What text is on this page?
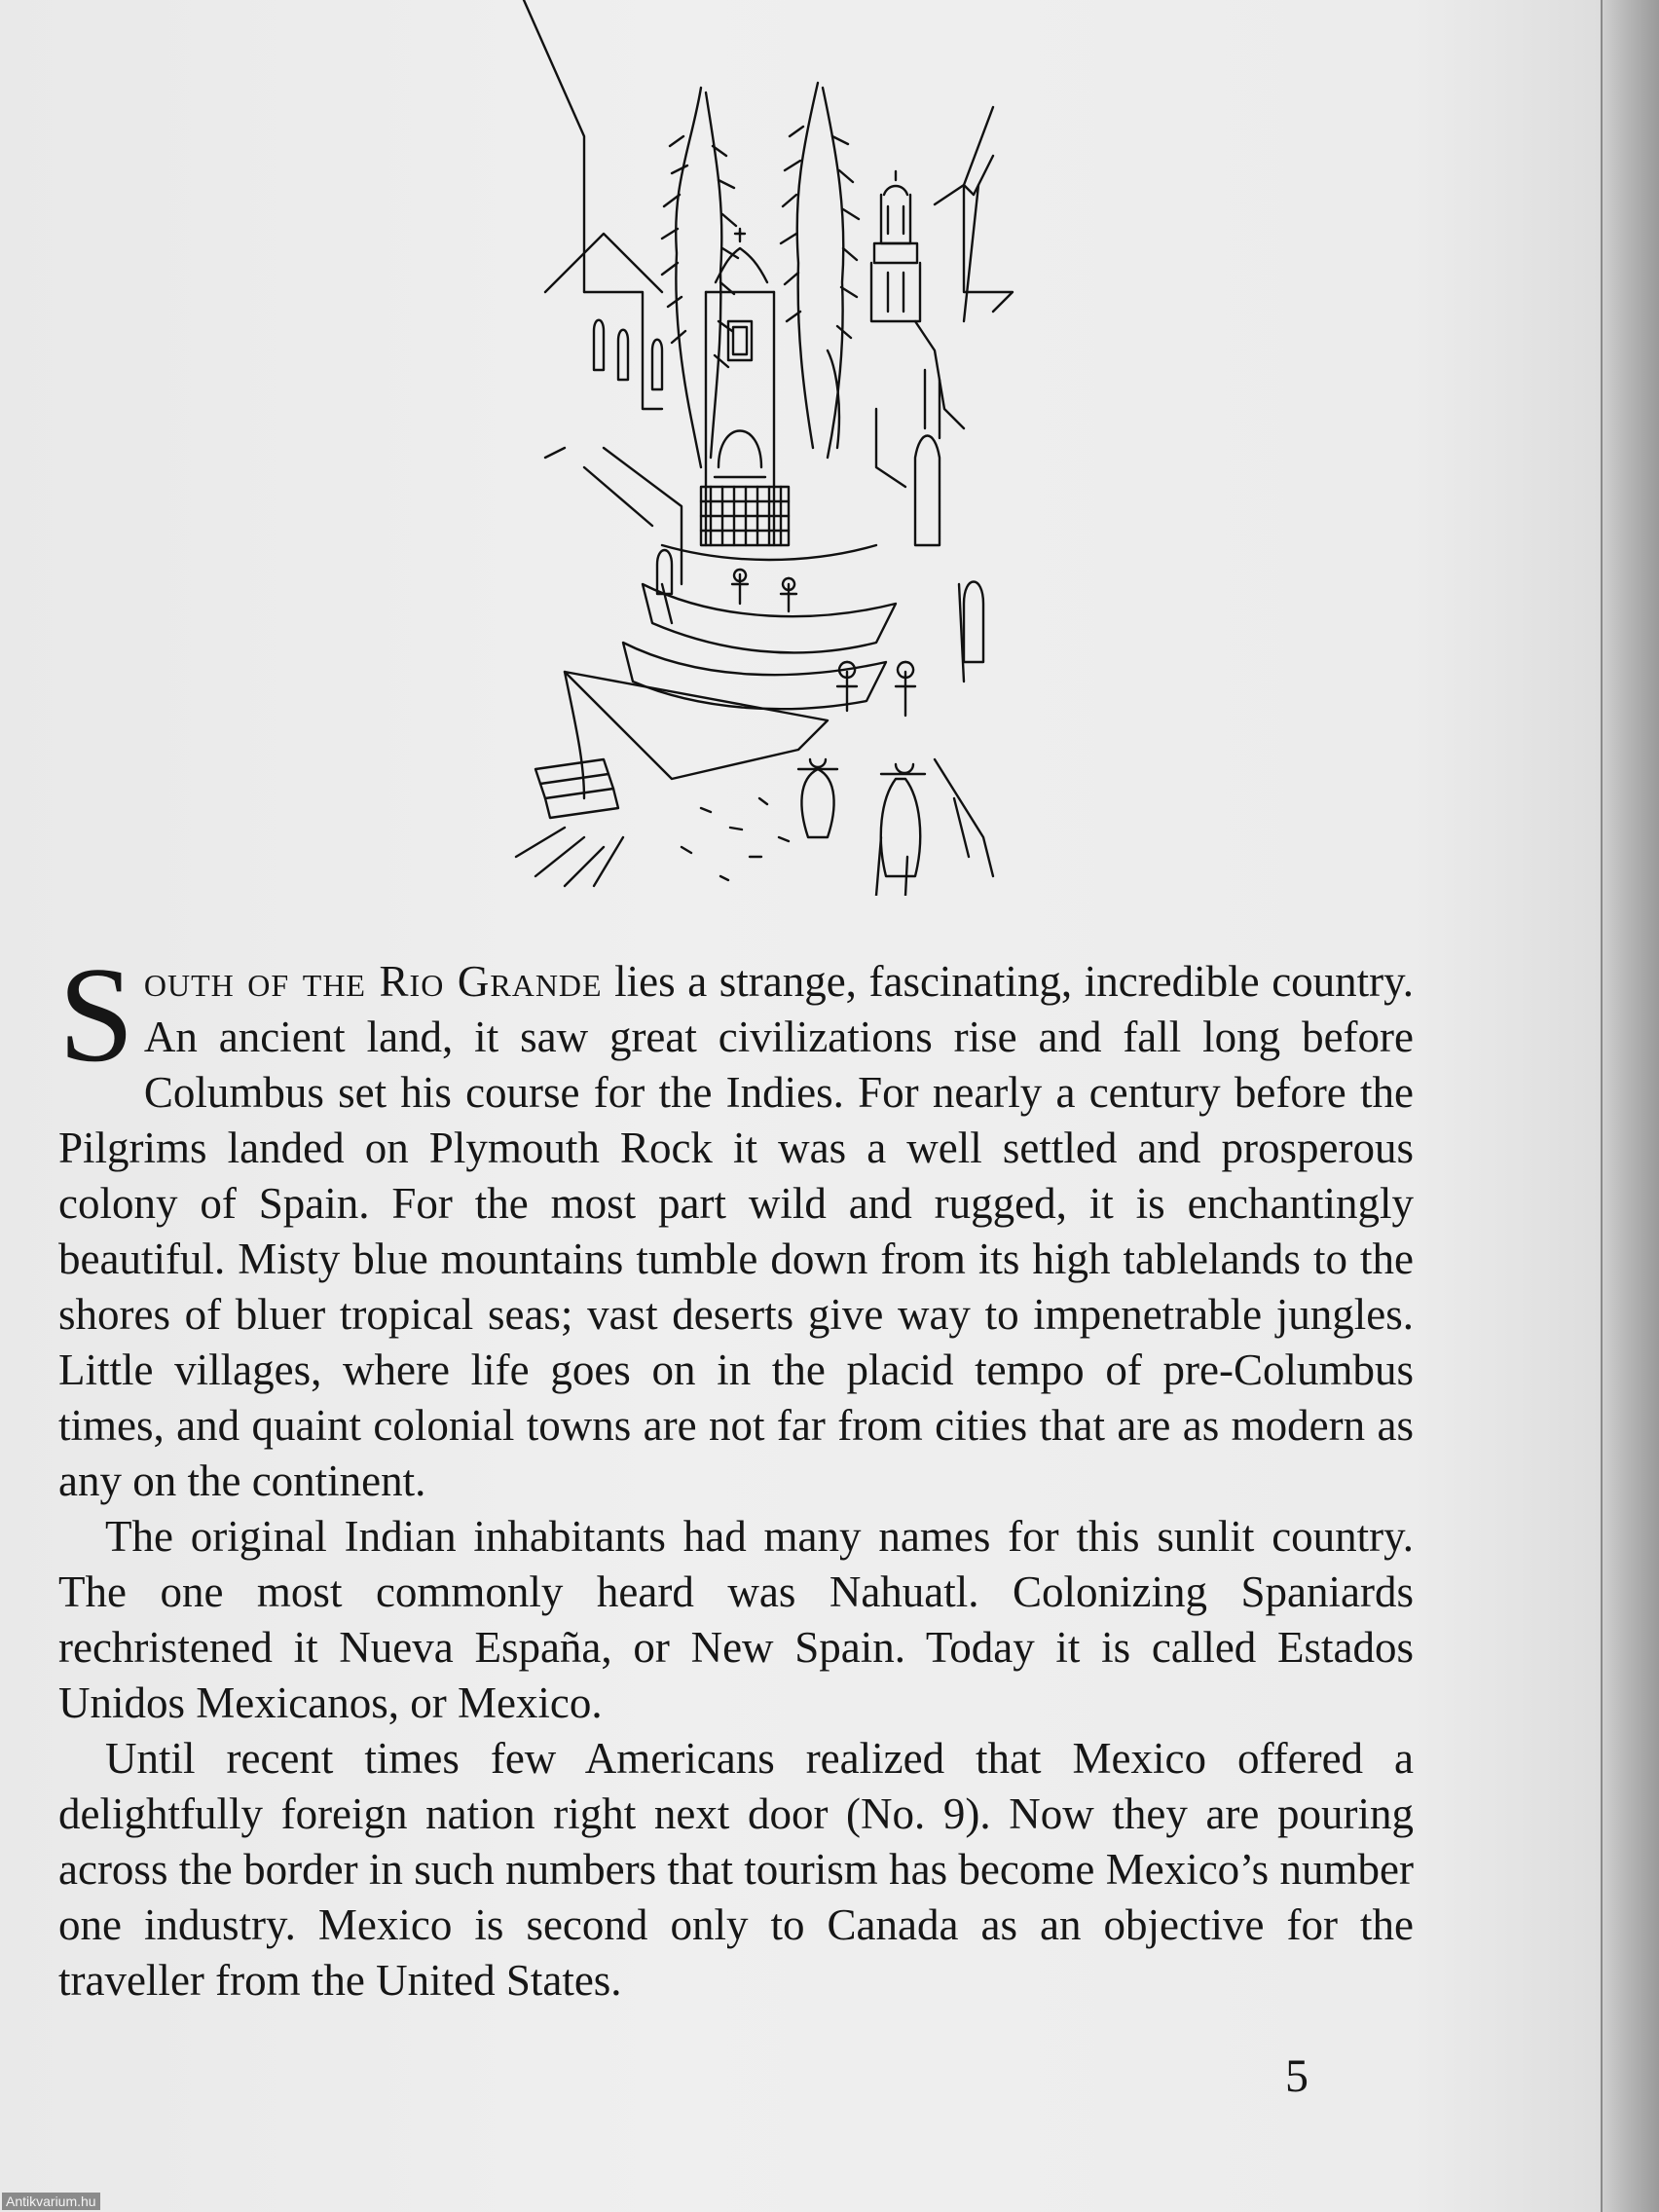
South of the Rio Grande lies a strange, fascinating, incredible country. An ancient land, it saw great civilizations rise and fall long before Columbus set his course for the Indies. For nearly a century before the Pilgrims landed on Plymouth Rock it was a well settled and prosperous colony of Spain. For the most part wild and rugged, it is enchantingly beautiful. Misty blue mountains tumble down from its high tablelands to the shores of bluer tropical seas; vast deserts give way to impenetrable jungles. Little villages, where life goes on in the placid tempo of pre-Columbus times, and quaint colonial towns are not far from cities that are as modern as any on the continent.

The original Indian inhabitants had many names for this sunlit country. The one most commonly heard was Nahuatl. Colonizing Spaniards rechristened it Nueva España, or New Spain. Today it is called Estados Unidos Mexicanos, or Mexico.

Until recent times few Americans realized that Mexico offered a delightfully foreign nation right next door (No. 9). Now they are pouring across the border in such numbers that tourism has become Mexico’s number one industry. Mexico is second only to Canada as an objective for the traveller from the United States.

5
Antikvarium.hu
